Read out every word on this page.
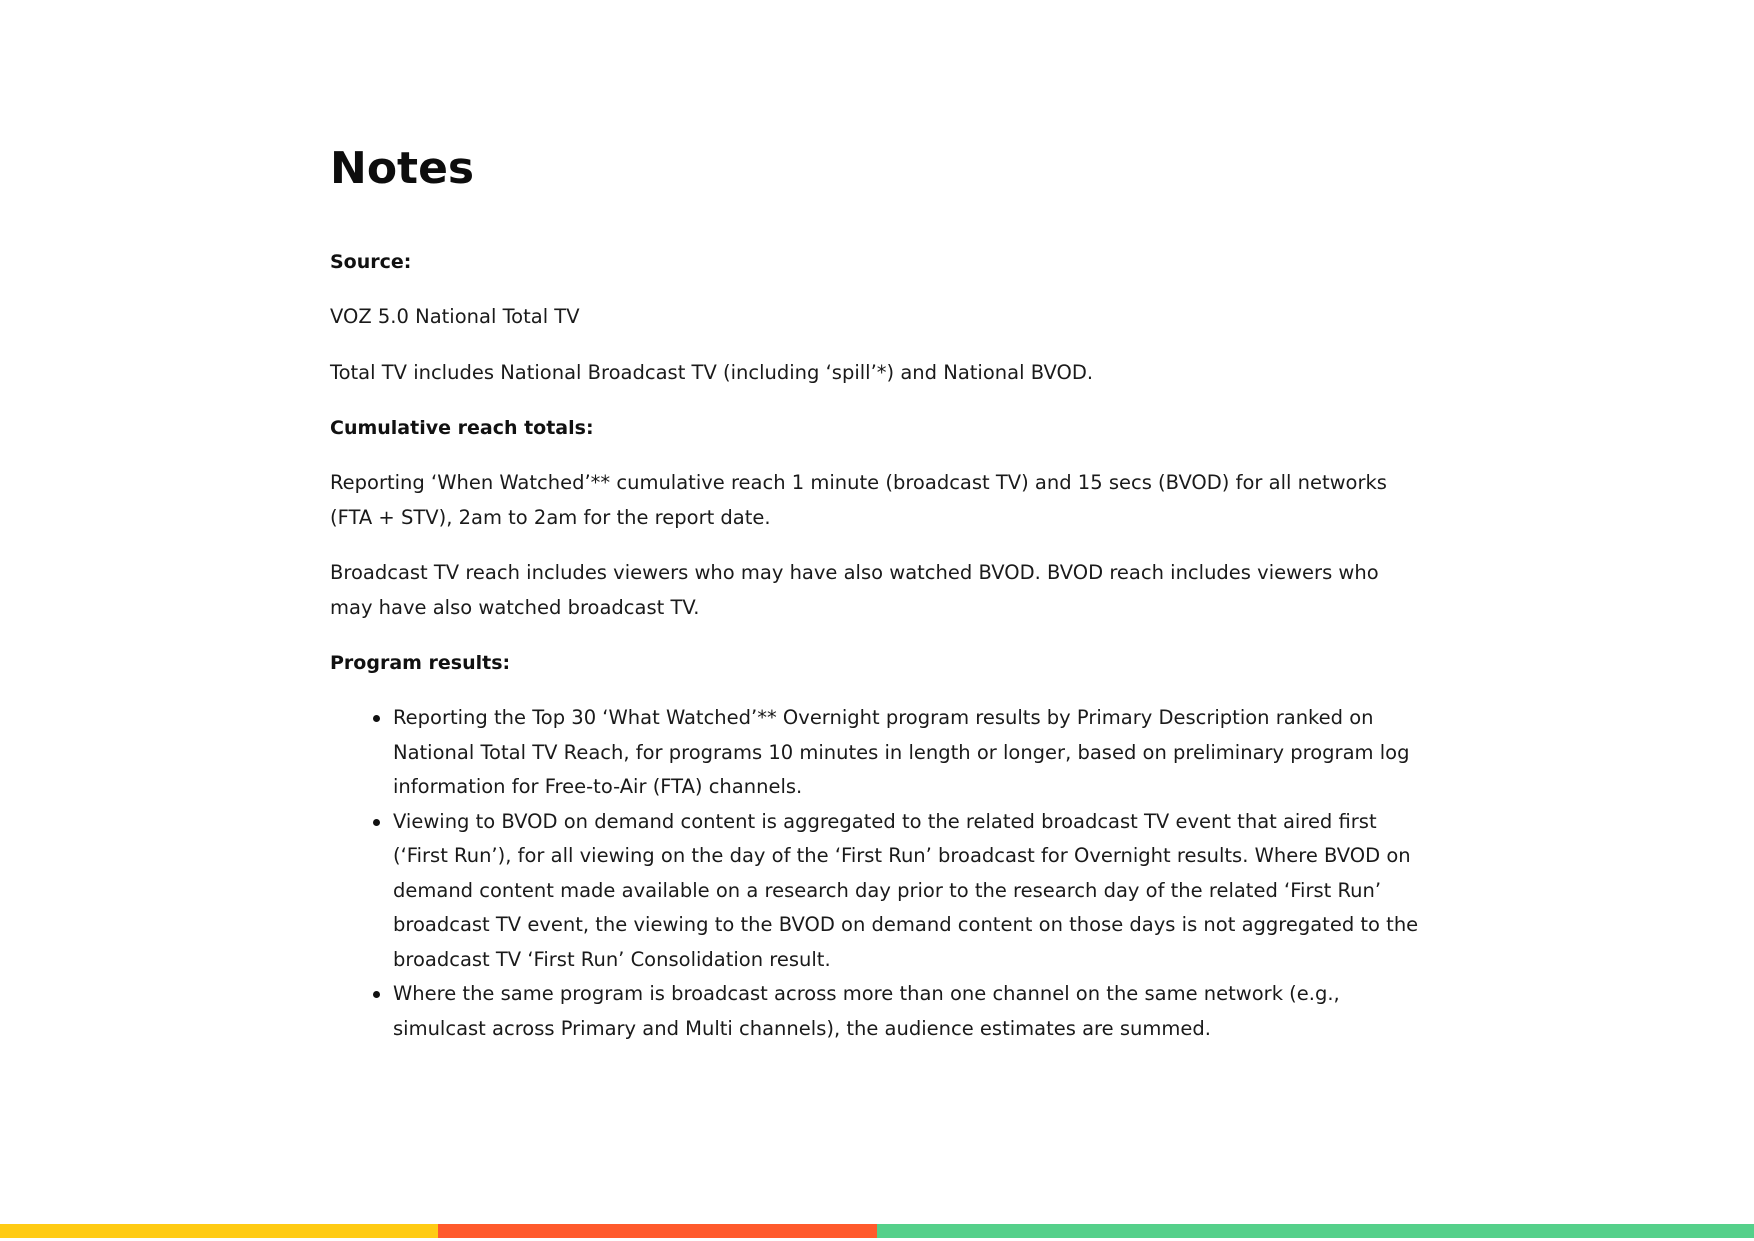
Notes
Source:

VOZ 5.0 National Total TV

Total TV includes National Broadcast TV (including ‘spill’*) and National BVOD.

Cumulative reach totals:

Reporting ‘When Watched’** cumulative reach 1 minute (broadcast TV) and 15 secs (BVOD) for all networks (FTA + STV), 2am to 2am for the report date.

Broadcast TV reach includes viewers who may have also watched BVOD. BVOD reach includes viewers who may have also watched broadcast TV.

Program results:
Reporting the Top 30 ‘What Watched’** Overnight program results by Primary Description ranked on National Total TV Reach, for programs 10 minutes in length or longer, based on preliminary program log information for Free-to-Air (FTA) channels.
Viewing to BVOD on demand content is aggregated to the related broadcast TV event that aired first (‘First Run’), for all viewing on the day of the ‘First Run’ broadcast for Overnight results. Where BVOD on demand content made available on a research day prior to the research day of the related ‘First Run’ broadcast TV event, the viewing to the BVOD on demand content on those days is not aggregated to the broadcast TV ‘First Run’ Consolidation result.
Where the same program is broadcast across more than one channel on the same network (e.g., simulcast across Primary and Multi channels), the audience estimates are summed.
